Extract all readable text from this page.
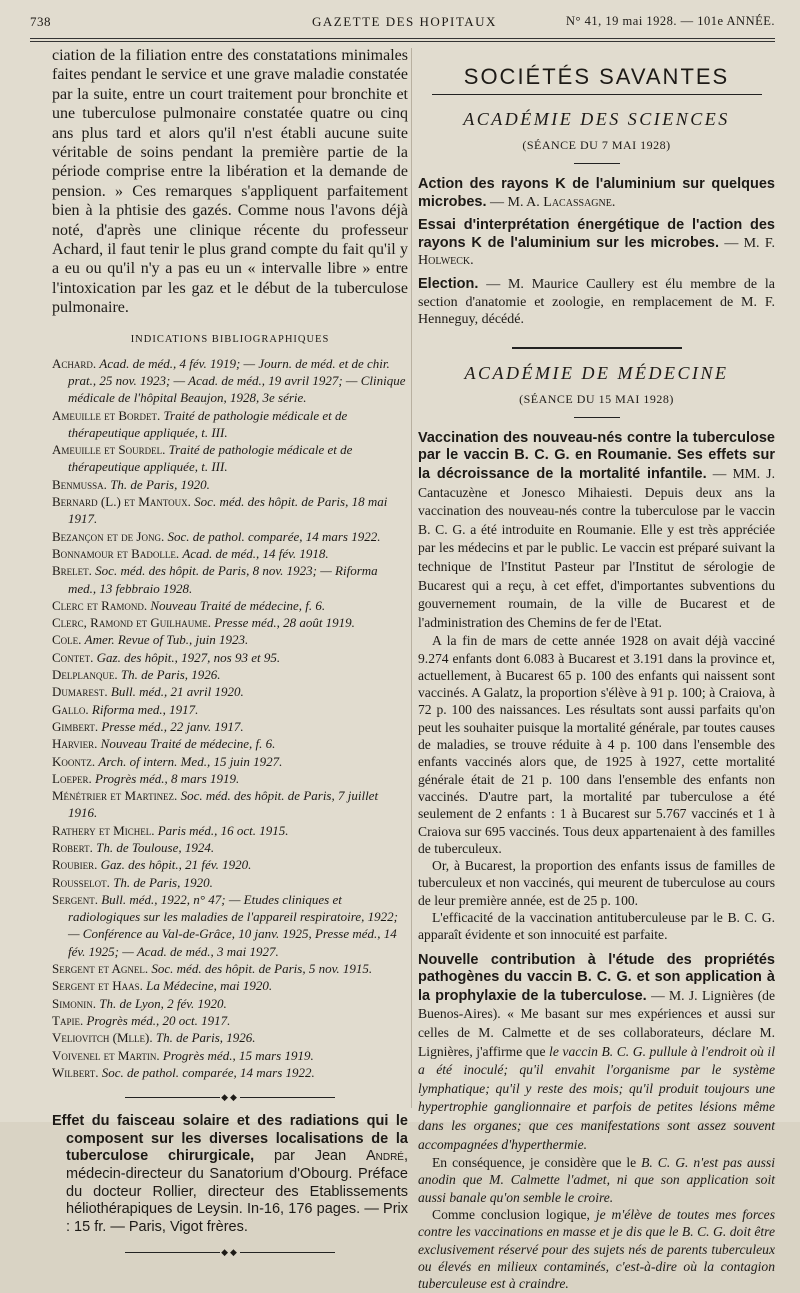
738	GAZETTE DES HOPITAUX	N° 41, 19 mai 1928. — 101e ANNÉE.

ciation de la filiation entre des constatations minimales faites pendant le service et une grave maladie constatée par la suite, entre un court traitement pour bronchite et une tuberculose pulmonaire constatée quatre ou cinq ans plus tard et alors qu'il n'est établi aucune suite véritable de soins pendant la première partie de la période comprise entre la libération et la demande de pension. » Ces remarques s'appliquent parfaitement bien à la phtisie des gazés. Comme nous l'avons déjà noté, d'après une clinique récente du professeur Achard, il faut tenir le plus grand compte du fait qu'il y a eu ou qu'il n'y a pas eu un « intervalle libre » entre l'intoxication par les gaz et le début de la tuberculose pulmonaire.

INDICATIONS BIBLIOGRAPHIQUES

Achard. Acad. de méd., 4 fév. 1919; — Journ. de méd. et de chir. prat., 25 nov. 1923; — Acad. de méd., 19 avril 1927; — Clinique médicale de l'hôpital Beaujon, 1928, 3e série.

Ameuille et Bordet. Traité de pathologie médicale et de thérapeutique appliquée, t. III.

Ameuille et Sourdel. Traité de pathologie médicale et de thérapeutique appliquée, t. III.

Benmussa. Th. de Paris, 1920.

Bernard (L.) et Mantoux. Soc. méd. des hôpit. de Paris, 18 mai 1917.

Bezançon et de Jong. Soc. de pathol. comparée, 14 mars 1922.

Bonnamour et Badolle. Acad. de méd., 14 fév. 1918.

Brelet. Soc. méd. des hôpit. de Paris, 8 nov. 1923; — Riforma med., 13 febbraio 1928.

Clerc et Ramond. Nouveau Traité de médecine, f. 6.

Clerc, Ramond et Guilhaume. Presse méd., 28 août 1919.

Cole. Amer. Revue of Tub., juin 1923.

Contet. Gaz. des hôpit., 1927, nos 93 et 95.

Delplanque. Th. de Paris, 1926.

Dumarest. Bull. méd., 21 avril 1920.

Gallo. Riforma med., 1917.

Gimbert. Presse méd., 22 janv. 1917.

Harvier. Nouveau Traité de médecine, f. 6.

Koontz. Arch. of intern. Med., 15 juin 1927.

Loeper. Progrès méd., 8 mars 1919.

Ménétrier et Martinez. Soc. méd. des hôpit. de Paris, 7 juillet 1916.

Rathery et Michel. Paris méd., 16 oct. 1915.

Robert. Th. de Toulouse, 1924.

Roubier. Gaz. des hôpit., 21 fév. 1920.

Rousselot. Th. de Paris, 1920.

Sergent. Bull. méd., 1922, n° 47; — Etudes cliniques et radiologiques sur les maladies de l'appareil respiratoire, 1922; — Conférence au Val-de-Grâce, 10 janv. 1925, Presse méd., 14 fév. 1925; — Acad. de méd., 3 mai 1927.

Sergent et Agnel. Soc. méd. des hôpit. de Paris, 5 nov. 1915.

Sergent et Haas. La Médecine, mai 1920.

Simonin. Th. de Lyon, 2 fév. 1920.

Tapie. Progrès méd., 20 oct. 1917.

Veliovitch (Mlle). Th. de Paris, 1926.

Voivenel et Martin. Progrès méd., 15 mars 1919.

Wilbert. Soc. de pathol. comparée, 14 mars 1922.

◆◆

Effet du faisceau solaire et des radiations qui le composent sur les diverses localisations de la tuberculose chirurgicale, par Jean André, médecin-directeur du Sanatorium d'Obourg. Préface du docteur Rollier, directeur des Etablissements héliothérapiques de Leysin. In-16, 176 pages. — Prix : 15 fr. — Paris, Vigot frères.

◆◆
SOCIÉTÉS SAVANTES
ACADÉMIE DES SCIENCES
(SÉANCE DU 7 MAI 1928)

Action des rayons K de l'aluminium sur quelques microbes. — M. A. Lacassagne.

Essai d'interprétation énergétique de l'action des rayons K de l'aluminium sur les microbes. — M. F. Holweck.

Election. — M. Maurice Caullery est élu membre de la section d'anatomie et zoologie, en remplacement de M. F. Henneguy, décédé.

ACADÉMIE DE MÉDECINE
(SÉANCE DU 15 MAI 1928)

Vaccination des nouveau-nés contre la tuberculose par le vaccin B. C. G. en Roumanie. Ses effets sur la décroissance de la mortalité infantile. — MM. J. Cantacuzène et Jonesco Mihaiesti. Depuis deux ans la vaccination des nouveau-nés contre la tuberculose par le vaccin B. C. G. a été introduite en Roumanie. Elle y est très appréciée par les médecins et par le public. Le vaccin est préparé suivant la technique de l'Institut Pasteur par l'Institut de sérologie de Bucarest qui a reçu, à cet effet, d'importantes subventions du gouvernement roumain, de la ville de Bucarest et de l'administration des Chemins de fer de l'Etat.

A la fin de mars de cette année 1928 on avait déjà vacciné 9.274 enfants dont 6.083 à Bucarest et 3.191 dans la province et, actuellement, à Bucarest 65 p. 100 des enfants qui naissent sont vaccinés. A Galatz, la proportion s'élève à 91 p. 100; à Craiova, à 72 p. 100 des naissances. Les résultats sont aussi parfaits qu'on peut les souhaiter puisque la mortalité générale, par toutes causes de maladies, se trouve réduite à 4 p. 100 dans l'ensemble des enfants vaccinés alors que, de 1925 à 1927, cette mortalité générale était de 21 p. 100 dans l'ensemble des enfants non vaccinés. D'autre part, la mortalité par tuberculose a été seulement de 2 enfants : 1 à Bucarest sur 5.767 vaccinés et 1 à Craiova sur 695 vaccinés. Tous deux appartenaient à des familles de tuberculeux.

Or, à Bucarest, la proportion des enfants issus de familles de tuberculeux et non vaccinés, qui meurent de tuberculose au cours de leur première année, est de 25 p. 100.

L'efficacité de la vaccination antituberculeuse par le B. C. G. apparaît évidente et son innocuité est parfaite.

Nouvelle contribution à l'étude des propriétés pathogènes du vaccin B. C. G. et son application à la prophylaxie de la tuberculose. — M. J. Lignières (de Buenos-Aires). « Me basant sur mes expériences et aussi sur celles de M. Calmette et de ses collaborateurs, déclare M. Lignières, j'affirme que le vaccin B. C. G. pullule à l'endroit où il a été inoculé; qu'il envahit l'organisme par le système lymphatique; qu'il y reste des mois; qu'il produit toujours une hypertrophie ganglionnaire et parfois de petites lésions même dans les organes; que ces manifestations sont assez souvent accompagnées d'hyperthermie.

En conséquence, je considère que le B. C. G. n'est pas aussi anodin que M. Calmette l'admet, ni que son application soit aussi banale qu'on semble le croire.

Comme conclusion logique, je m'élève de toutes mes forces contre les vaccinations en masse et je dis que le B. C. G. doit être exclusivement réservé pour des sujets nés de parents tuberculeux ou élevés en milieux contaminés, c'est-à-dire où la contagion tuberculeuse est à craindre.
